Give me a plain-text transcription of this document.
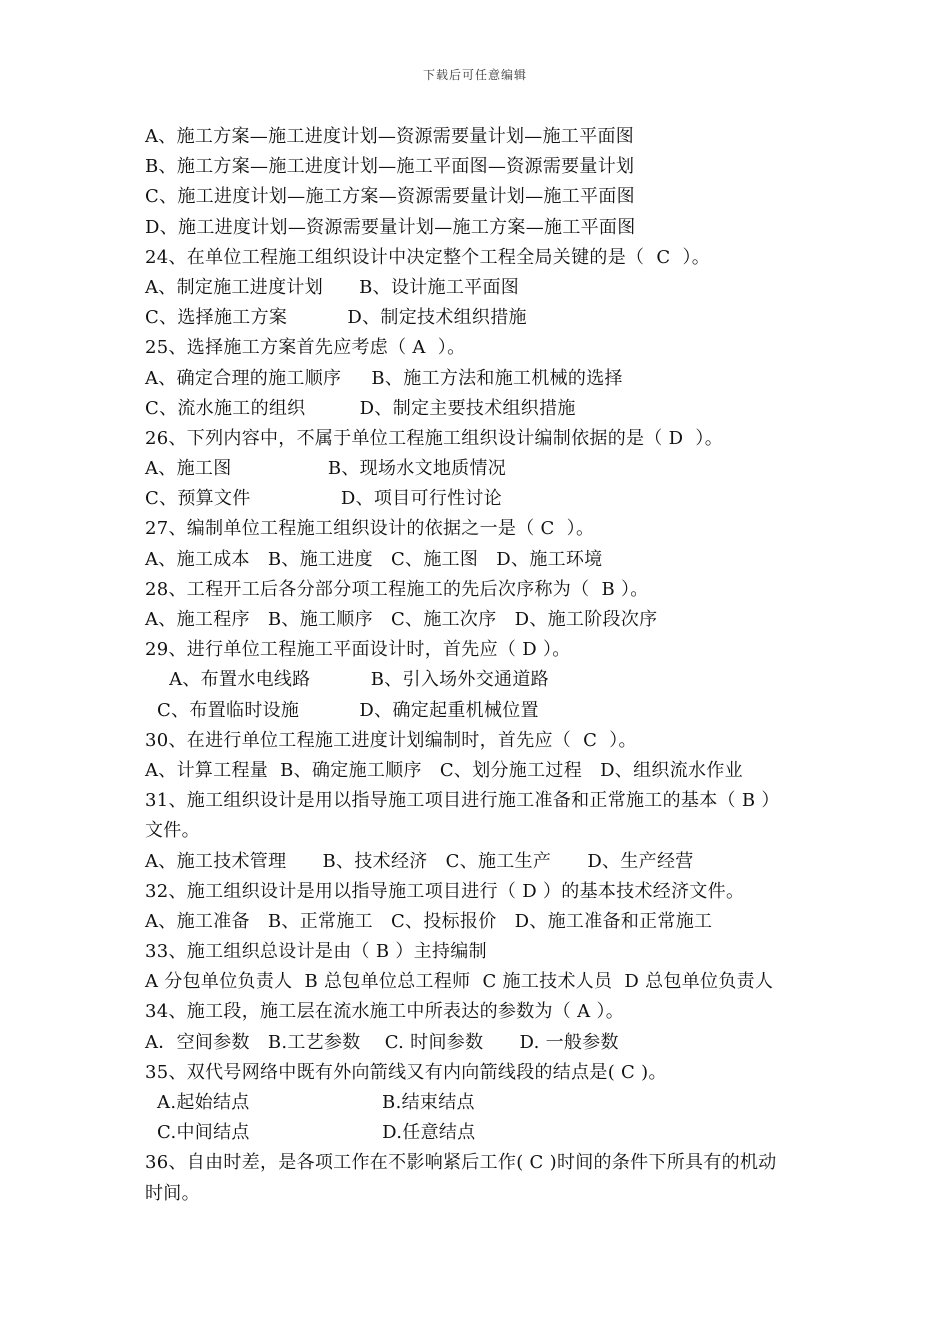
下载后可任意编辑
A、施工方案—施工进度计划—资源需要量计划—施工平面图
B、施工方案—施工进度计划—施工平面图—资源需要量计划
C、施工进度计划—施工方案—资源需要量计划—施工平面图
D、施工进度计划—资源需要量计划—施工方案—施工平面图
24、在单位工程施工组织设计中决定整个工程全局关键的是（  C  ）。
A、制定施工进度计划      B、设计施工平面图
C、选择施工方案          D、制定技术组织措施
25、选择施工方案首先应考虑（ A  ）。
A、确定合理的施工顺序     B、施工方法和施工机械的选择
C、流水施工的组织         D、制定主要技术组织措施
26、下列内容中，不属于单位工程施工组织设计编制依据的是（ D  ）。
A、施工图                B、现场水文地质情况
C、预算文件               D、项目可行性讨论
27、编制单位工程施工组织设计的依据之一是（ C  ）。
A、施工成本   B、施工进度   C、施工图   D、施工环境
28、工程开工后各分部分项工程施工的先后次序称为（  B ）。
A、施工程序   B、施工顺序   C、施工次序   D、施工阶段次序
29、进行单位工程施工平面设计时，首先应（ D ）。
A、布置水电线路          B、引入场外交通道路
C、布置临时设施          D、确定起重机械位置
30、在进行单位工程施工进度计划编制时，首先应（  C  ）。
A、计算工程量  B、确定施工顺序   C、划分施工过程   D、组织流水作业
31、施工组织设计是用以指导施工项目进行施工准备和正常施工的基本（ B ）
文件。
A、施工技术管理      B、技术经济   C、施工生产      D、生产经营
32、施工组织设计是用以指导施工项目进行（ D ）的基本技术经济文件。
A、施工准备   B、正常施工   C、投标报价   D、施工准备和正常施工
33、施工组织总设计是由（ B ）主持编制
A 分包单位负责人  B 总包单位总工程师  C 施工技术人员  D 总包单位负责人
34、施工段，施工层在流水施工中所表达的参数为（ A ）。
A．空间参数   B.工艺参数    C. 时间参数      D. 一般参数
35、双代号网络中既有外向箭线又有内向箭线段的结点是( C )。
A.起始结点                      B.结束结点
C.中间结点                      D.任意结点
36、自由时差，是各项工作在不影响紧后工作( C )时间的条件下所具有的机动
时间。
